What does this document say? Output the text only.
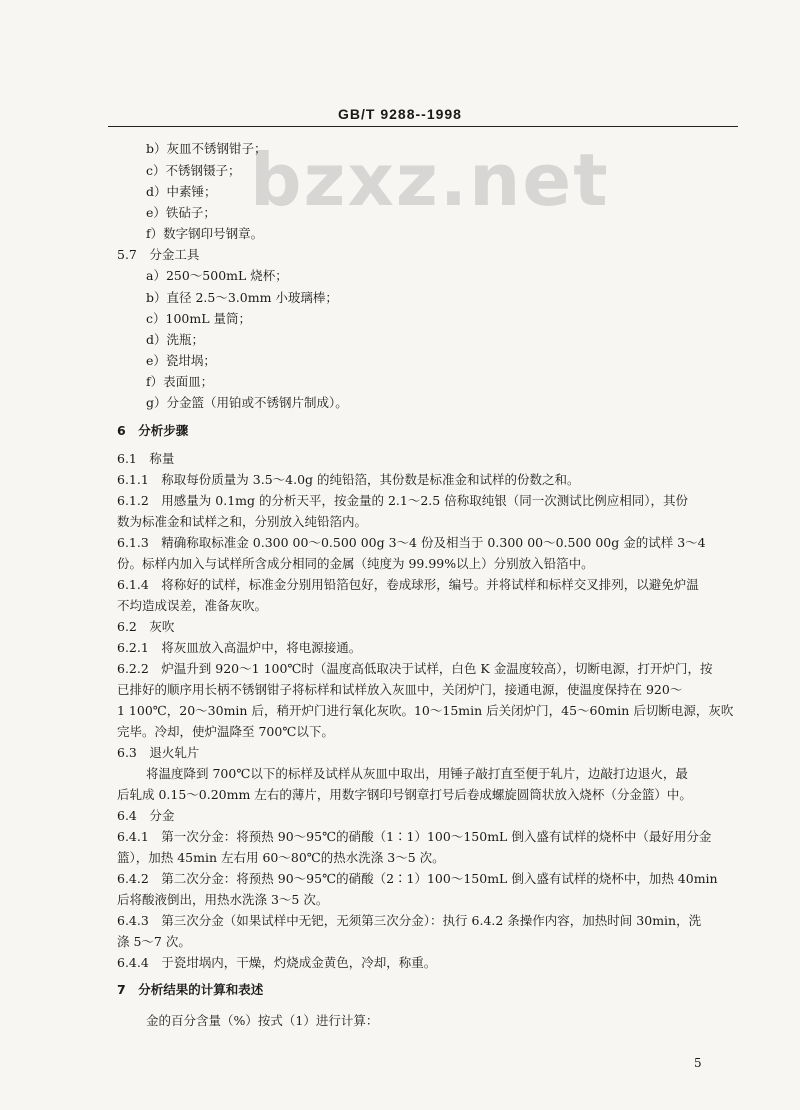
bzxz.net
GB/T 9288--1998
b）灰皿不锈钢钳子；
c）不锈钢镊子；
d）中素锤；
e）铁砧子；
f）数字钢印号钢章。
5.7　分金工具
a）250～500mL 烧杯；
b）直径 2.5～3.0mm 小玻璃棒；
c）100mL 量筒；
d）洗瓶；
e）瓷坩埚；
f）表面皿；
g）分金篮（用铂或不锈钢片制成）。
6　分析步骤
6.1　称量
6.1.1　称取每份质量为 3.5～4.0g 的纯铅箔，其份数是标准金和试样的份数之和。
6.1.2　用感量为 0.1mg 的分析天平，按金量的 2.1～2.5 倍称取纯银（同一次测试比例应相同），其份
数为标准金和试样之和，分别放入纯铅箔内。
6.1.3　精确称取标准金 0.300 00～0.500 00g 3～4 份及相当于 0.300 00～0.500 00g 金的试样 3～4
份。标样内加入与试样所含成分相同的金属（纯度为 99.99%以上）分别放入铅箔中。
6.1.4　将称好的试样，标准金分别用铅箔包好，卷成球形，编号。并将试样和标样交叉排列，以避免炉温
不均造成误差，准备灰吹。
6.2　灰吹
6.2.1　将灰皿放入高温炉中，将电源接通。
6.2.2　炉温升到 920～1 100℃时（温度高低取决于试样，白色 K 金温度较高），切断电源，打开炉门，按
已排好的顺序用长柄不锈钢钳子将标样和试样放入灰皿中，关闭炉门，接通电源，使温度保持在 920～
1 100℃，20～30min 后，稍开炉门进行氧化灰吹。10～15min 后关闭炉门，45～60min 后切断电源，灰吹
完毕。冷却，使炉温降至 700℃以下。
6.3　退火轧片
将温度降到 700℃以下的标样及试样从灰皿中取出，用锤子敲打直至便于轧片，边敲打边退火，最
后轧成 0.15～0.20mm 左右的薄片，用数字钢印号钢章打号后卷成螺旋圆筒状放入烧杯（分金篮）中。
6.4　分金
6.4.1　第一次分金：将预热 90～95℃的硝酸（1∶1）100～150mL 倒入盛有试样的烧杯中（最好用分金
篮），加热 45min 左右用 60～80℃的热水洗涤 3～5 次。
6.4.2　第二次分金：将预热 90～95℃的硝酸（2∶1）100～150mL 倒入盛有试样的烧杯中，加热 40min
后将酸液倒出，用热水洗涤 3～5 次。
6.4.3　第三次分金（如果试样中无钯，无须第三次分金）：执行 6.4.2 条操作内容，加热时间 30min，洗
涤 5～7 次。
6.4.4　于瓷坩埚内，干燥，灼烧成金黄色，冷却，称重。
7　分析结果的计算和表述
金的百分含量（%）按式（1）进行计算：
5
